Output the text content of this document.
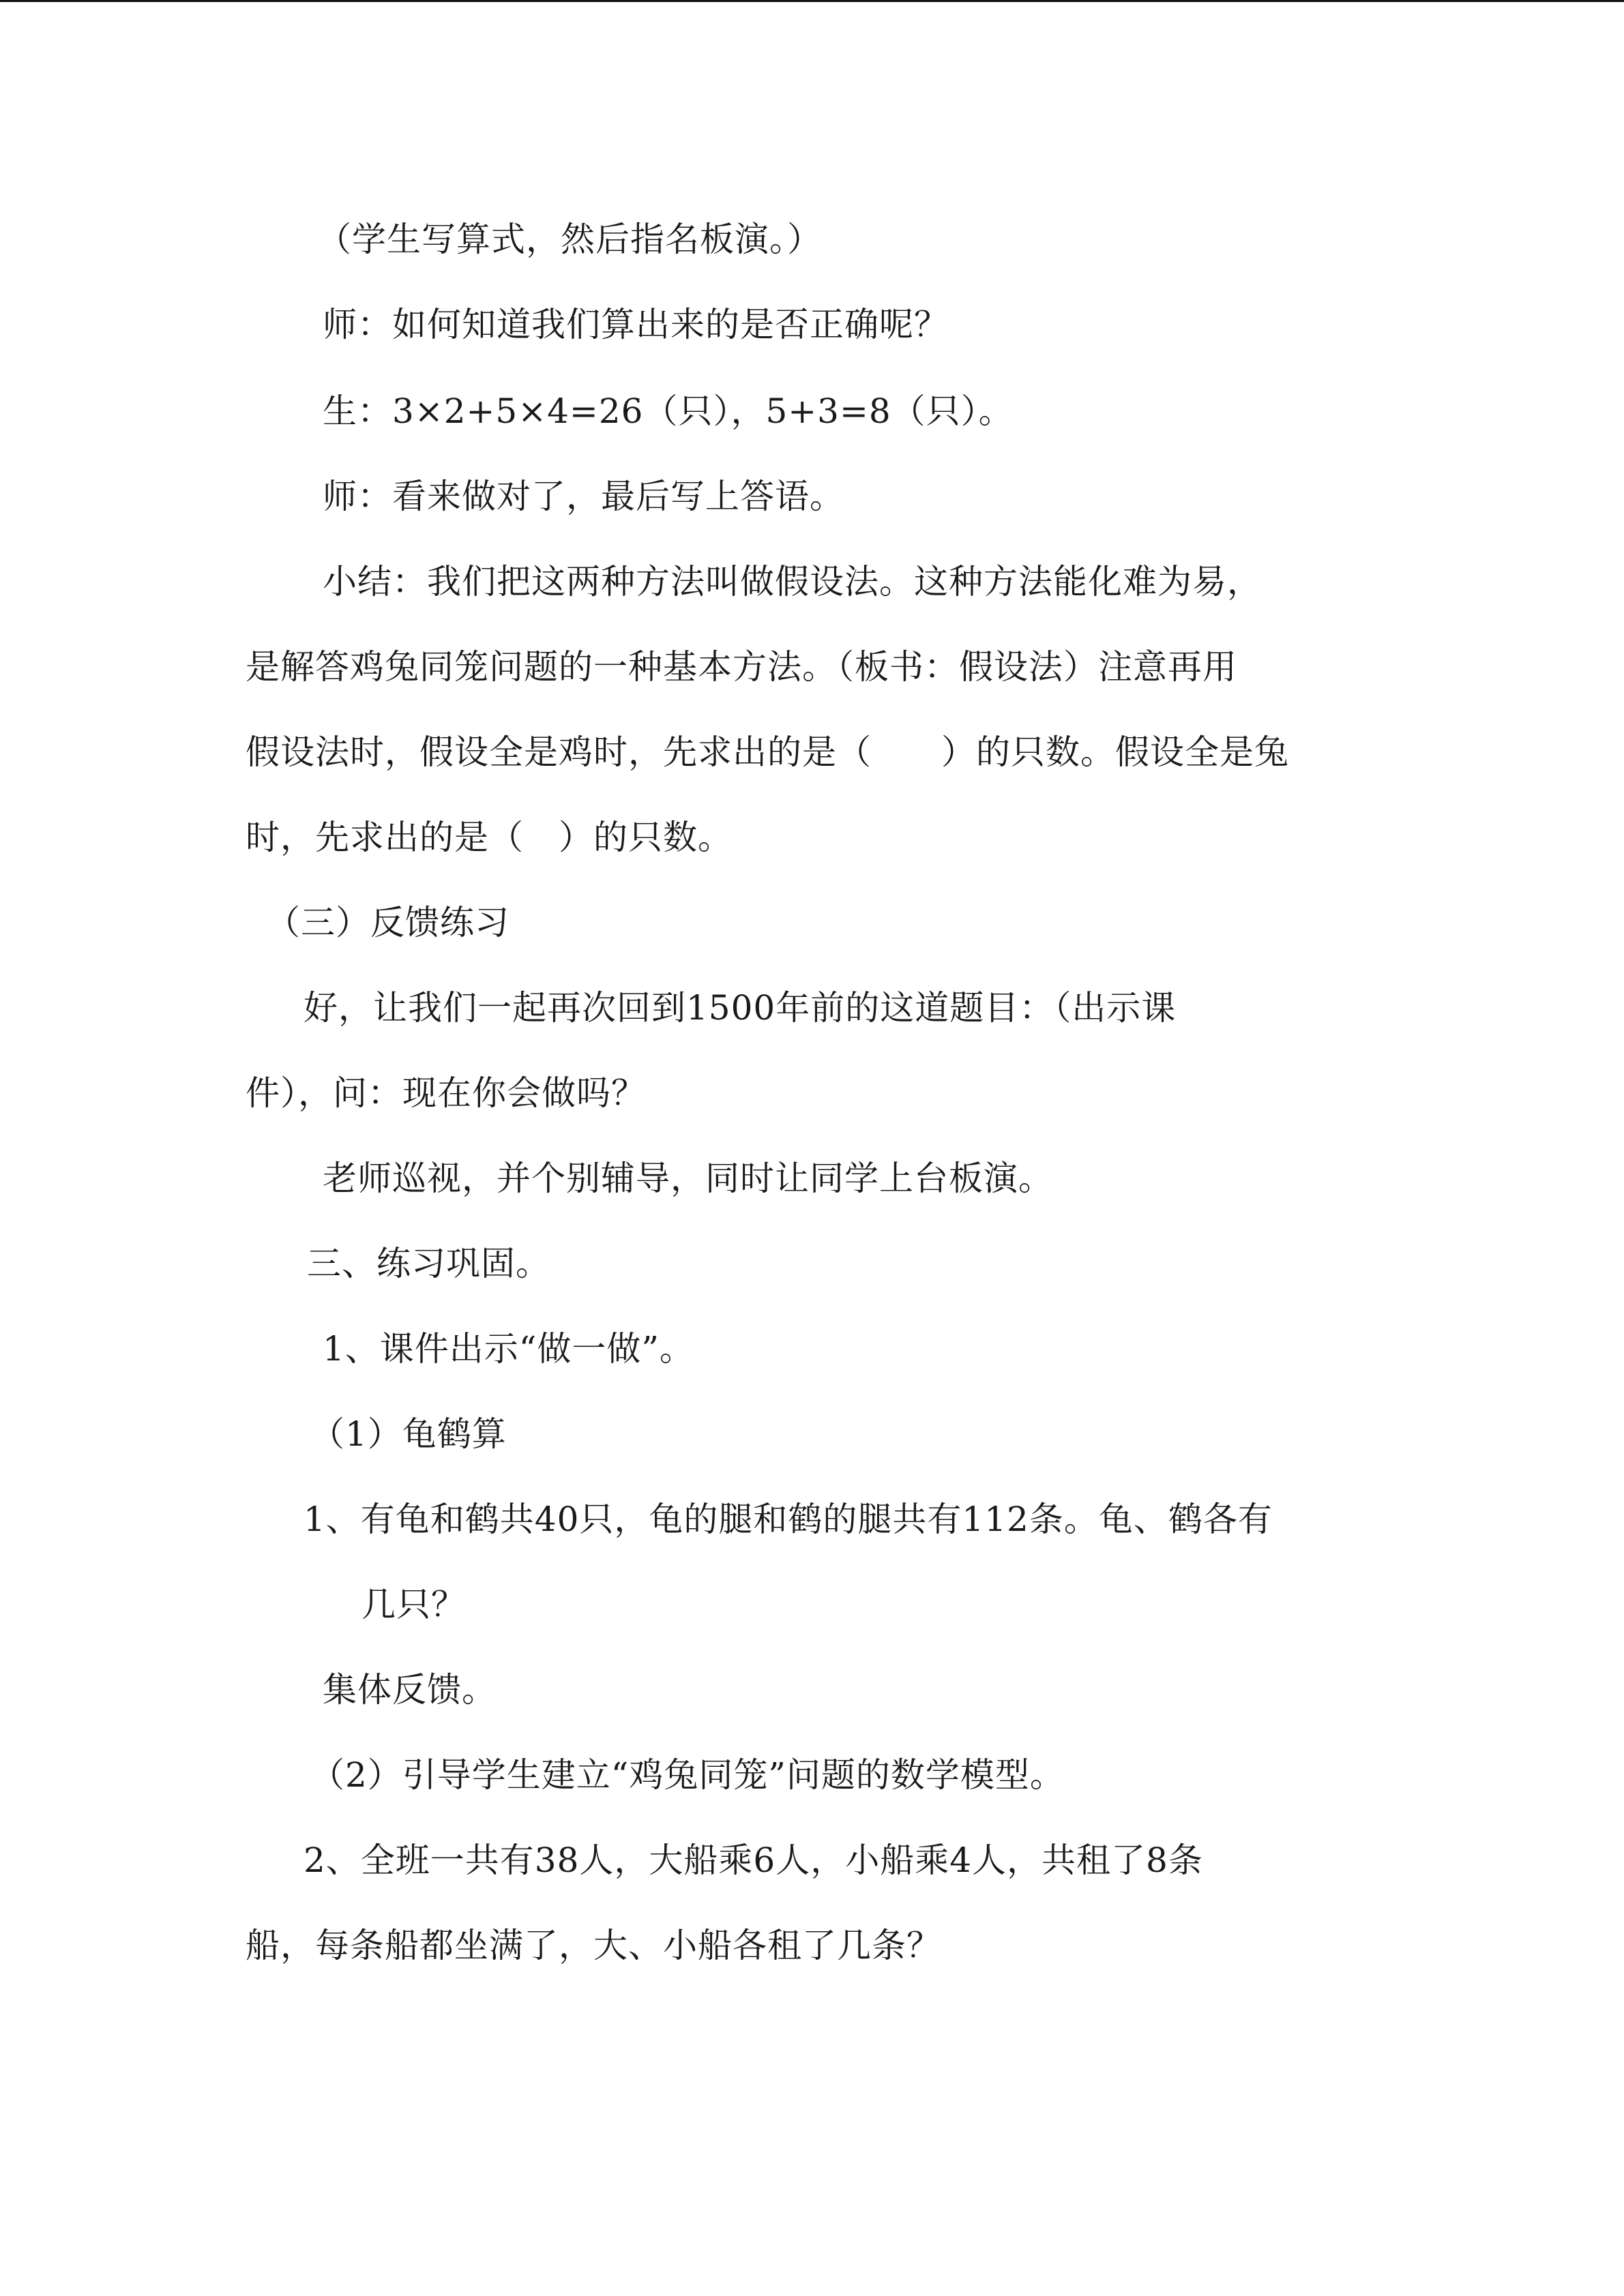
（学生写算式，然后指名板演。）
师：如何知道我们算出来的是否正确呢？
生：3×2+5×4=26（只），5+3=8（只）。
师：看来做对了，最后写上答语。
小结：我们把这两种方法叫做假设法。这种方法能化难为易，
是解答鸡兔同笼问题的一种基本方法。（板书：假设法）注意再用
假设法时，假设全是鸡时，先求出的是（　　）的只数。假设全是兔
时，先求出的是（　）的只数。
（三）反馈练习
好，让我们一起再次回到1500年前的这道题目：（出示课
件），问：现在你会做吗？
老师巡视，并个别辅导，同时让同学上台板演。
三、练习巩固。
1、课件出示“做一做”。
（1）龟鹤算
1、有龟和鹤共40只，龟的腿和鹤的腿共有112条。龟、鹤各有
几只？
集体反馈。
（2）引导学生建立“鸡兔同笼”问题的数学模型。
2、全班一共有38人，大船乘6人，小船乘4人，共租了8条
船，每条船都坐满了，大、小船各租了几条？
